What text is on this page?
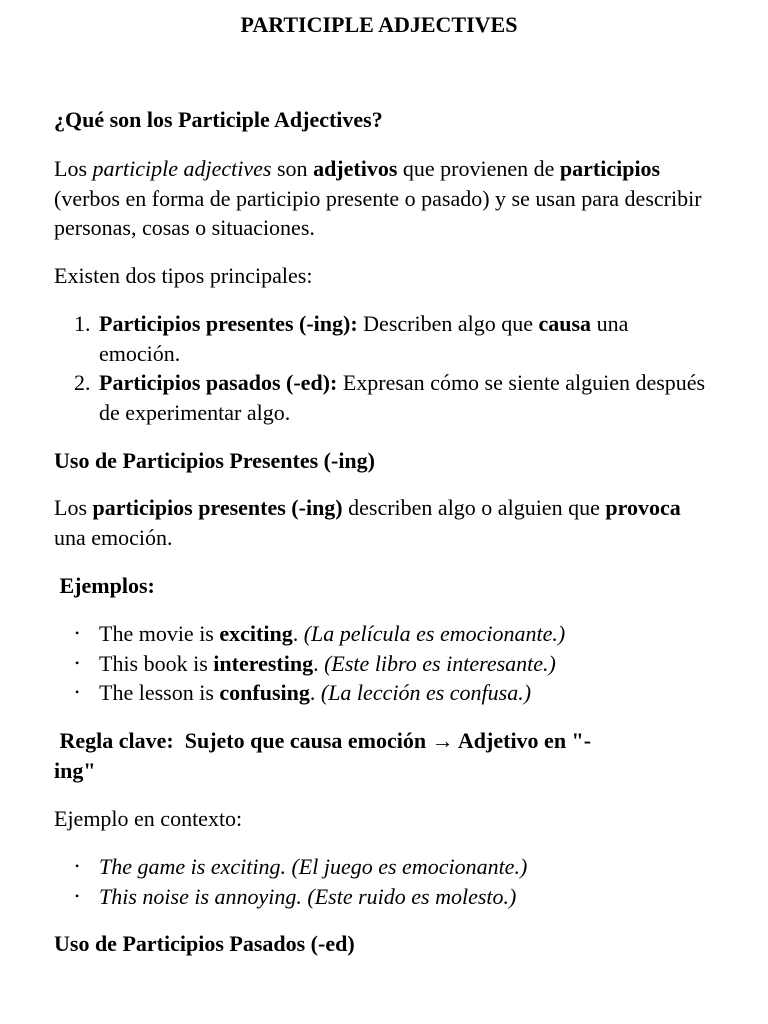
PARTICIPLE ADJECTIVES
¿Qué son los Participle Adjectives?

Los participle adjectives son adjetivos que provienen de participios (verbos en forma de participio presente o pasado) y se usan para describir personas, cosas o situaciones.

Existen dos tipos principales:

1. Participios presentes (-ing): Describen algo que causa una emoción.
2. Participios pasados (-ed): Expresan cómo se siente alguien después de experimentar algo.
Uso de Participios Presentes (-ing)

Los participios presentes (-ing) describen algo o alguien que provoca una emoción.

Ejemplos:
• The movie is exciting. (La película es emocionante.)
• This book is interesting. (Este libro es interesante.)
• The lesson is confusing. (La lección es confusa.)
Regla clave:  Sujeto que causa emoción → Adjetivo en "-
ing"

Ejemplo en contexto:

• The game is exciting. (El juego es emocionante.)
• This noise is annoying. (Este ruido es molesto.)
Uso de Participios Pasados (-ed)
